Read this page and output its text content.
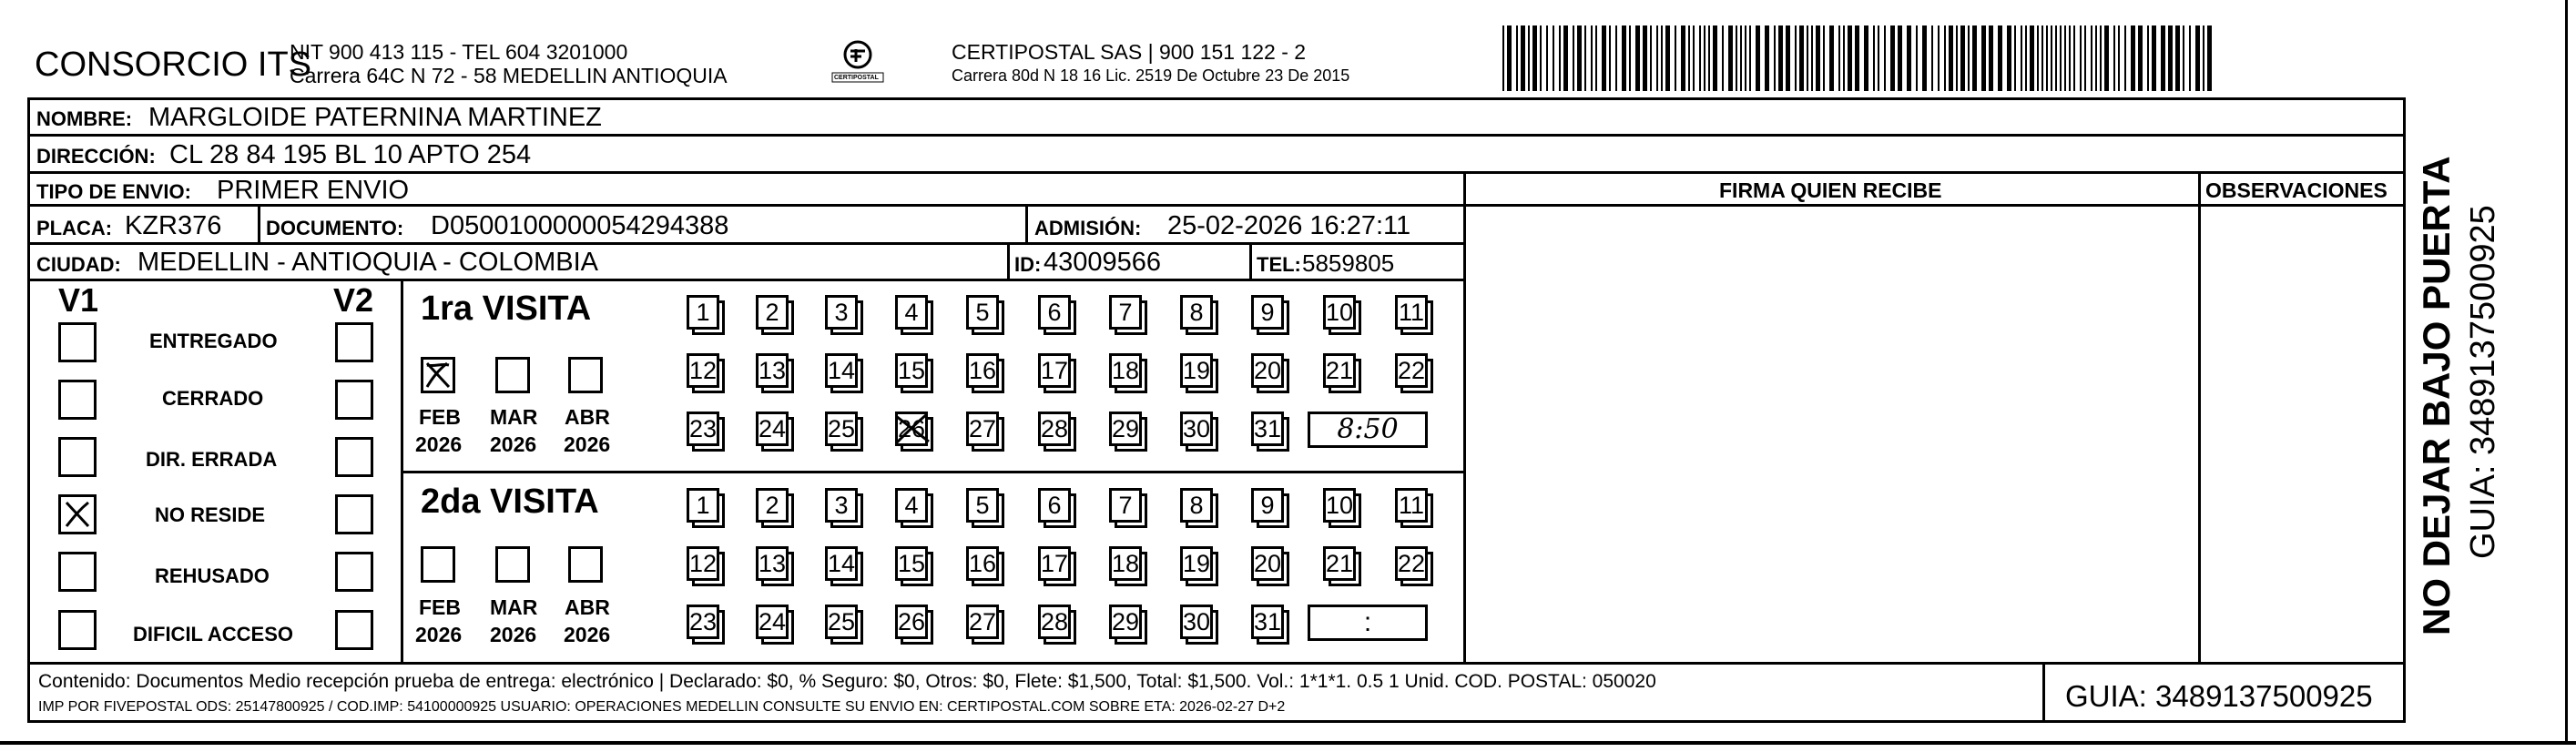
CONSORCIO ITS
NIT 900 413 115 - TEL 604 3201000
Carrera 64C N 72 - 58 MEDELLIN ANTIOQUIA	CERTIPOSTAL
CERTIPOSTAL SAS | 900 151 122 - 2
Carrera 80d N 18 16 Lic. 2519 De Octubre 23 De 2015
NOMBRE: MARGLOIDE PATERNINA MARTINEZ
DIRECCIÓN: CL 28 84 195 BL 10 APTO 254
TIPO DE ENVIO: PRIMER ENVIO
PLACA: KZR376 DOCUMENTO: D0500100000054294388	ADMISIÓN: 25-02-2026 16:27:11
CIUDAD: MEDELLIN - ANTIOQUIA - COLOMBIA	ID: 43009566	TEL: 5859805
FIRMA QUIEN RECIBE	OBSERVACIONES
V1	V2
ENTREGADO
CERRADO
DIR. ERRADA
NO RESIDE
REHUSADO
DIFICIL ACCESO
1ra VISITA
FEB MAR ABR
2026 2026 2026
1	2	3	4	5	6	7	8	9	10 11
12 13 14 15 16 17 18 19 20 21 22
23 24 25 26 27 28 29 30 31	8:50
2da VISITA
FEB MAR ABR
2026 2026 2026
1	2	3	4	5	6	7	8	9	10 11
12 13 14 15 16 17 18 19 20 21 22
23 24 25 26 27 28 29 30 31	:
Contenido: Documentos Medio recepción prueba de entrega: electrónico | Declarado: $0, % Seguro: $0, Otros: $0, Flete: $1,500, Total: $1,500. Vol.: 1*1*1. 0.5 1 Unid. COD. POSTAL: 050020
IMP POR FIVEPOSTAL ODS: 25147800925 / COD.IMP: 54100000925 USUARIO: OPERACIONES MEDELLIN CONSULTE SU ENVIO EN: CERTIPOSTAL.COM SOBRE ETA: 2026-02-27 D+2	GUIA: 3489137500925
NO DEJAR BAJO PUERTA GUIA: 3489137500925
